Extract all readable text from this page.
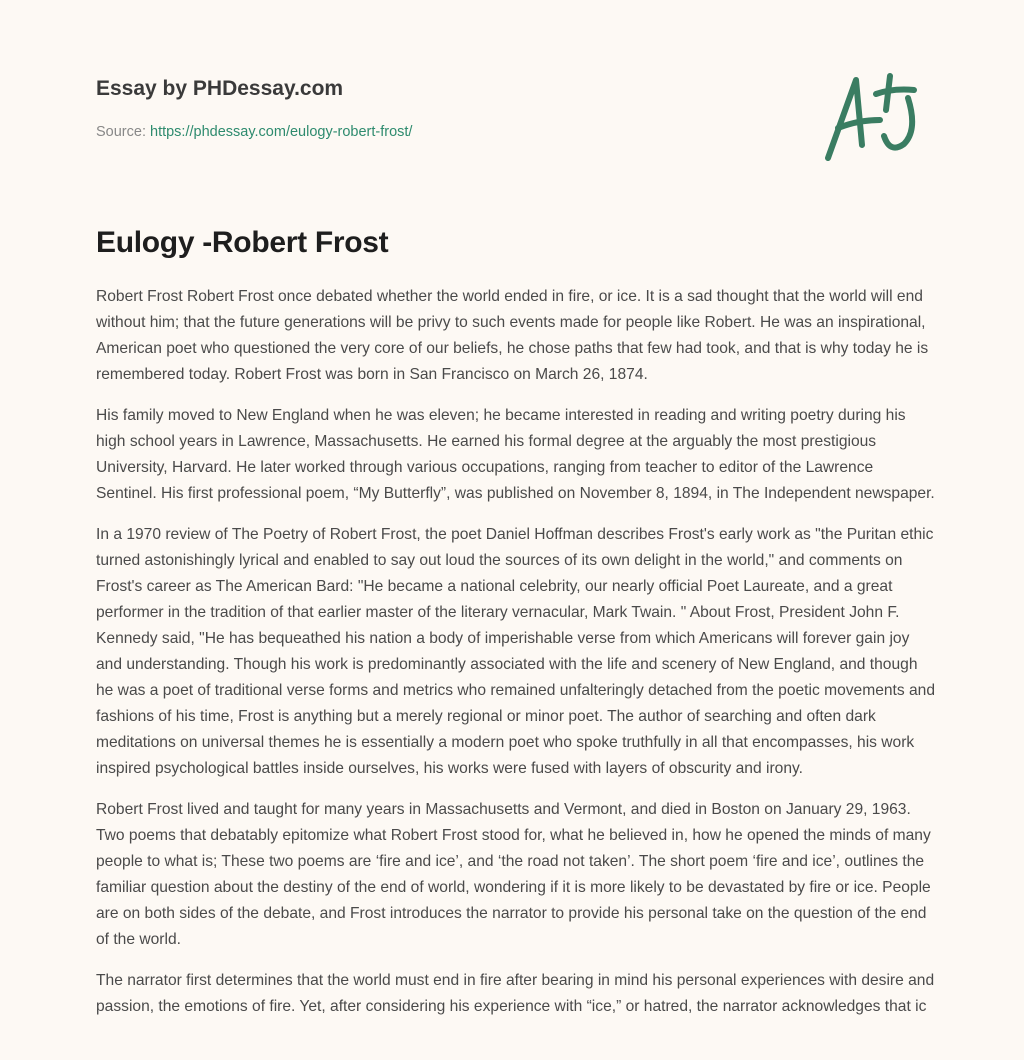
Essay by PHDessay.com
Source: https://phdessay.com/eulogy-robert-frost/
Eulogy -Robert Frost

Robert Frost Robert Frost once debated whether the world ended in fire, or ice. It is a sad thought that the world will end without him; that the future generations will be privy to such events made for people like Robert. He was an inspirational, American poet who questioned the very core of our beliefs, he chose paths that few had took, and that is why today he is remembered today. Robert Frost was born in San Francisco on March 26, 1874.

His family moved to New England when he was eleven; he became interested in reading and writing poetry during his high school years in Lawrence, Massachusetts. He earned his formal degree at the arguably the most prestigious University, Harvard. He later worked through various occupations, ranging from teacher to editor of the Lawrence Sentinel. His first professional poem, “My Butterfly”, was published on November 8, 1894, in The Independent newspaper.

In a 1970 review of The Poetry of Robert Frost, the poet Daniel Hoffman describes Frost's early work as "the Puritan ethic turned astonishingly lyrical and enabled to say out loud the sources of its own delight in the world," and comments on Frost's career as The American Bard: "He became a national celebrity, our nearly official Poet Laureate, and a great performer in the tradition of that earlier master of the literary vernacular, Mark Twain. " About Frost, President John F. Kennedy said, "He has bequeathed his nation a body of imperishable verse from which Americans will forever gain joy and understanding. Though his work is predominantly associated with the life and scenery of New England, and though he was a poet of traditional verse forms and metrics who remained unfalteringly detached from the poetic movements and fashions of his time, Frost is anything but a merely regional or minor poet. The author of searching and often dark meditations on universal themes he is essentially a modern poet who spoke truthfully in all that encompasses, his work inspired psychological battles inside ourselves, his works were fused with layers of obscurity and irony.

Robert Frost lived and taught for many years in Massachusetts and Vermont, and died in Boston on January 29, 1963. Two poems that debatably epitomize what Robert Frost stood for, what he believed in, how he opened the minds of many people to what is; These two poems are ‘fire and ice’, and ‘the road not taken’. The short poem ‘fire and ice’, outlines the familiar question about the destiny of the end of world, wondering if it is more likely to be devastated by fire or ice. People are on both sides of the debate, and Frost introduces the narrator to provide his personal take on the question of the end of the world.

The narrator first determines that the world must end in fire after bearing in mind his personal experiences with desire and passion, the emotions of fire. Yet, after considering his experience with “ice,” or hatred, the narrator acknowledges that ic
